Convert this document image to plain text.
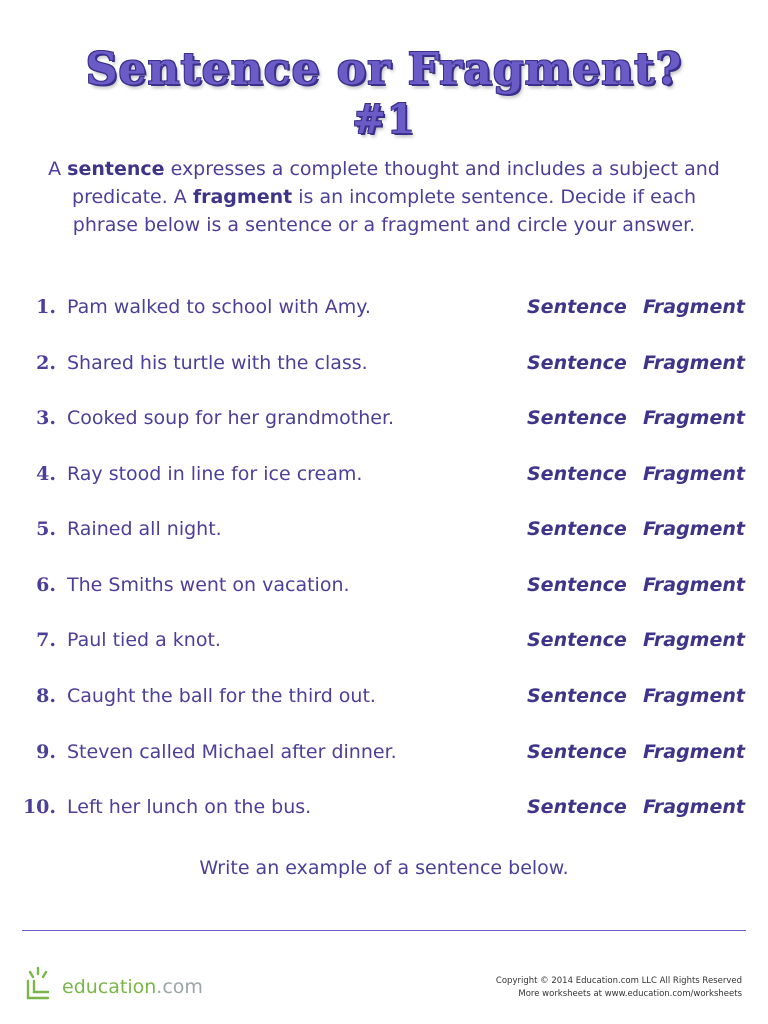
Sentence or Fragment?
#1
A sentence expresses a complete thought and includes a subject and predicate. A fragment is an incomplete sentence. Decide if each phrase below is a sentence or a fragment and circle your answer.
1. Pam walked to school with Amy.	Sentence Fragment
2. Shared his turtle with the class.	Sentence Fragment
3. Cooked soup for her grandmother.	Sentence Fragment
4. Ray stood in line for ice cream.	Sentence Fragment
5. Rained all night.	Sentence Fragment
6. The Smiths went on vacation.	Sentence Fragment
7. Paul tied a knot.	Sentence Fragment
8. Caught the ball for the third out.	Sentence Fragment
9. Steven called Michael after dinner.	Sentence Fragment
10. Left her lunch on the bus.	Sentence Fragment
Write an example of a sentence below.
education.com	Copyright © 2014 Education.com LLC All Rights Reserved
More worksheets at www.education.com/worksheets
